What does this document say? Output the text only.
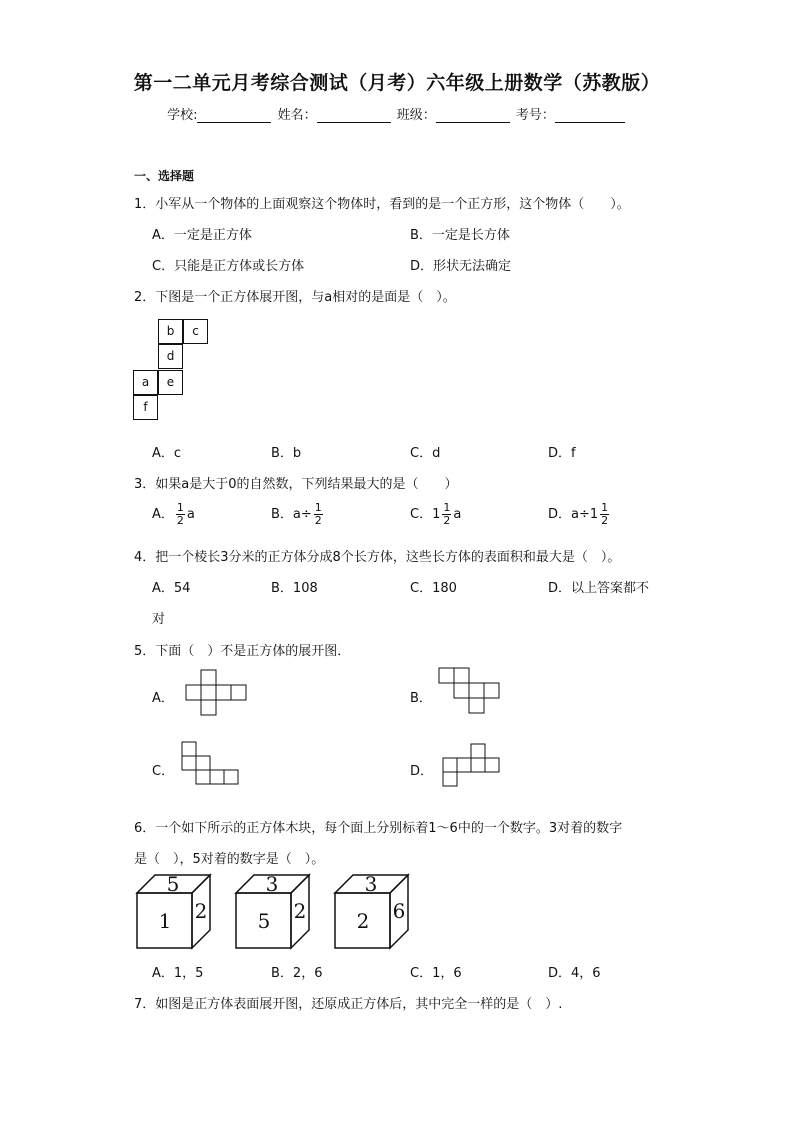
第一二单元月考综合测试（月考）六年级上册数学（苏教版）
学校:	姓名：	班级：	考号：
一、选择题
1．小军从一个物体的上面观察这个物体时，看到的是一个正方形，这个物体（　　）。
A．一定是正方体	B．一定是长方体
C．只能是正方体或长方体	D．形状无法确定
2．下图是一个正方体展开图，与a相对的是面是（　）。
b	c
d
a	e
f
A．c	B．b	C．d	D．f
3．如果a是大于0的自然数，下列结果最大的是（　　）
A． $\frac{1}{2}$ a	B．$a\div \frac{1}{2}$	C．$1 \frac{1}{2}$ a	D．$a\div 1 \frac{1}{2}$
4．把一个棱长3分米的正方体分成8个长方体，这些长方体的表面积和最大是（　）。
A．54	B．108	C．180	D．以上答案都不
对
5．下面（　）不是正方体的展开图．
A．	B．
C．	D．
6．一个如下所示的正方体木块，每个面上分别标着1～6中的一个数字。3对着的数字
是（　），5对着的数字是（　）。
5
1 2
3
5 2
3
2 6
A．1，5	B．2，6	C．1，6	D．4，6
7．如图是正方体表面展开图，还原成正方体后，其中完全一样的是（　）.
